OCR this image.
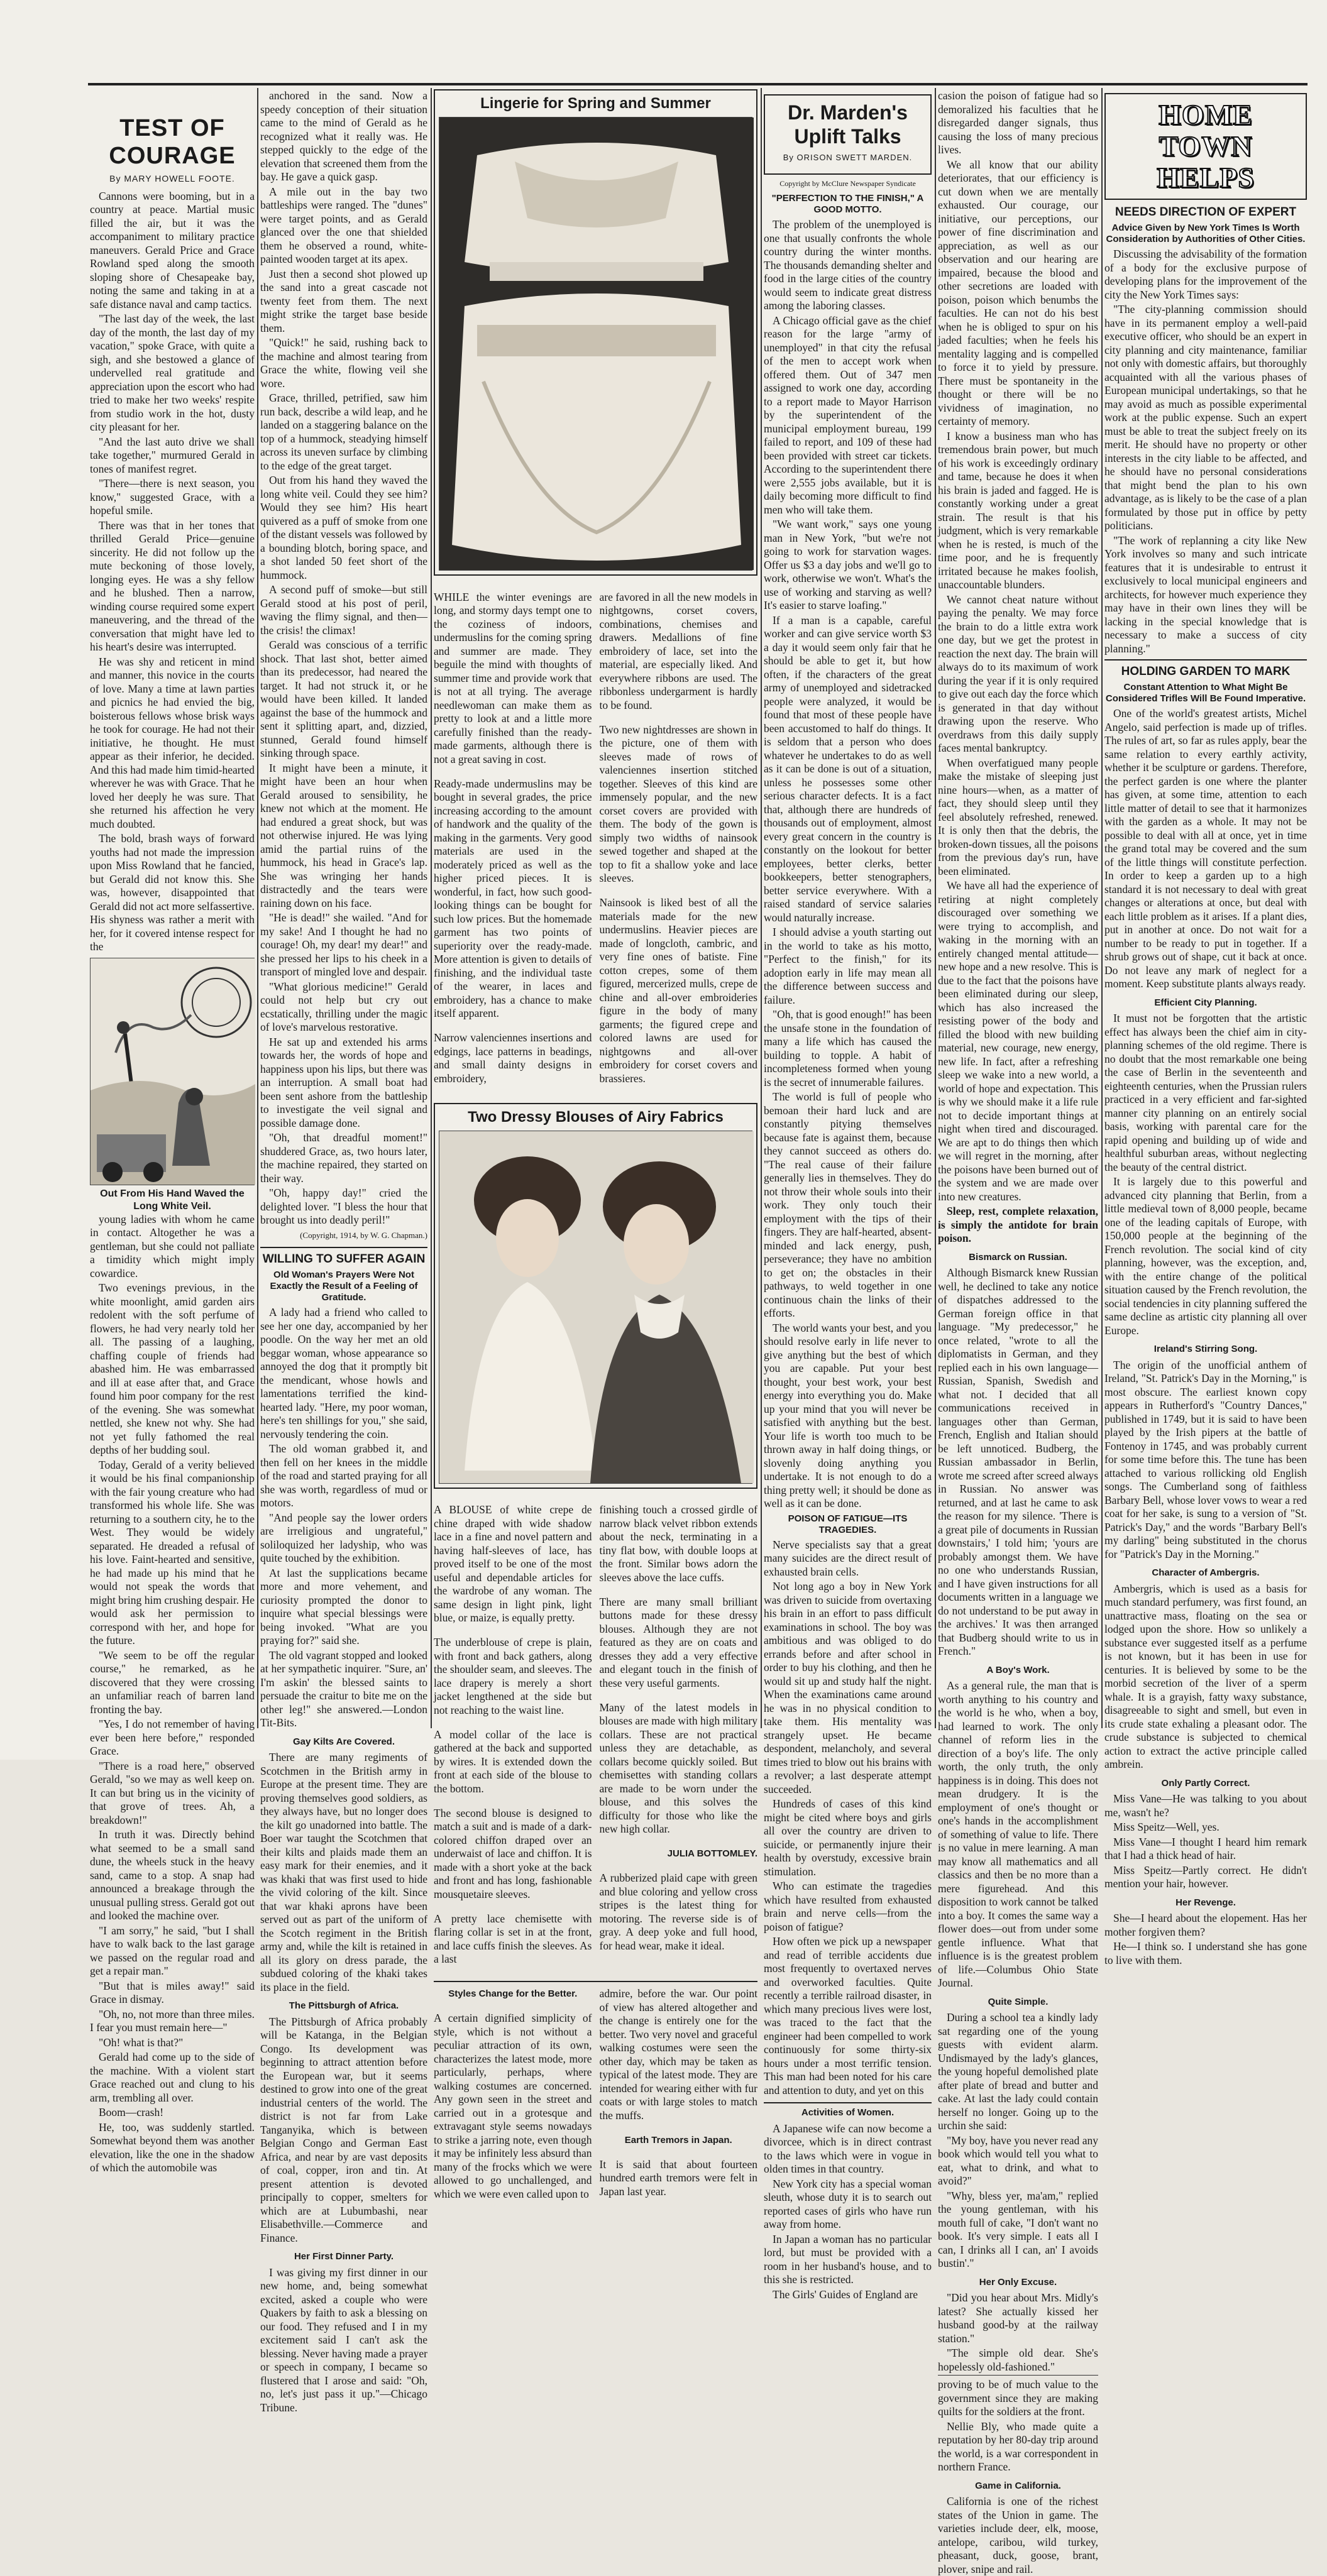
TEST OF COURAGE
By MARY HOWELL FOOTE.

Cannons were booming, but in a country at peace. Martial music filled the air, but it was the accompaniment to military practice maneuvers. Gerald Price and Grace Rowland sped along the smooth sloping shore of Chesapeake bay, noting the same and taking in at a safe distance naval and camp tactics.

"The last day of the week, the last day of the month, the last day of my vacation," spoke Grace, with quite a sigh, and she bestowed a glance of undervelled real gratitude and appreciation upon the escort who had tried to make her two weeks' respite from studio work in the hot, dusty city pleasant for her.

"And the last auto drive we shall take together," murmured Gerald in tones of manifest regret.

"There—there is next season, you know," suggested Grace, with a hopeful smile.

There was that in her tones that thrilled Gerald Price—genuine sincerity. He did not follow up the mute beckoning of those lovely, longing eyes. He was a shy fellow and he blushed. Then a narrow, winding course required some expert maneuvering, and the thread of the conversation that might have led to his heart's desire was interrupted.

He was shy and reticent in mind and manner, this novice in the courts of love. Many a time at lawn parties and picnics he had envied the big, boisterous fellows whose brisk ways he took for courage. He had not their initiative, he thought. He must appear as their inferior, he decided. And this had made him timid-hearted wherever he was with Grace. That he loved her deeply he was sure. That she returned his affection he very much doubted.

The bold, brash ways of forward youths had not made the impression upon Miss Rowland that he fancied, but Gerald did not know this. She was, however, disappointed that Gerald did not act more selfassertive. His shyness was rather a merit with her, for it covered intense respect for the

Out From His Hand Waved the Long White Veil.

young ladies with whom he came in contact. Altogether he was a gentleman, but she could not palliate a timidity which might imply cowardice.

Two evenings previous, in the white moonlight, amid garden airs redolent with the soft perfume of flowers, he had very nearly told her all. The passing of a laughing, chaffing couple of friends had abashed him. He was embarrassed and ill at ease after that, and Grace found him poor company for the rest of the evening. She was somewhat nettled, she knew not why. She had not yet fully fathomed the real depths of her budding soul.

Today, Gerald of a verity believed it would be his final companionship with the fair young creature who had transformed his whole life. She was returning to a southern city, he to the West. They would be widely separated. He dreaded a refusal of his love. Faint-hearted and sensitive, he had made up his mind that he would not speak the words that might bring him crushing despair. He would ask her permission to correspond with her, and hope for the future.

"We seem to be off the regular course," he remarked, as he discovered that they were crossing an unfamiliar reach of barren land fronting the bay.

"Yes, I do not remember of having ever been here before," responded Grace.

"There is a road here," observed Gerald, "so we may as well keep on. It can but bring us in the vicinity of that grove of trees. Ah, a breakdown!"

In truth it was. Directly behind what seemed to be a small sand dune, the wheels stuck in the heavy sand, came to a stop. A snap had announced a breakage through the unusual pulling stress. Gerald got out and looked the machine over.

"I am sorry," he said, "but I shall have to walk back to the last garage we passed on the regular road and get a repair man."

"But that is miles away!" said Grace in dismay.

"Oh, no, not more than three miles. I fear you must remain here—"

"Oh! what is that?"

Gerald had come up to the side of the machine. With a violent start Grace reached out and clung to his arm, trembling all over.

Boom—crash!

He, too, was suddenly startled. Somewhat beyond them was another elevation, like the one in the shadow of which the automobile was

anchored in the sand. Now a speedy conception of their situation came to the mind of Gerald as he recognized what it really was. He stepped quickly to the edge of the elevation that screened them from the bay. He gave a quick gasp.

A mile out in the bay two battleships were ranged. The "dunes" were target points, and as Gerald glanced over the one that shielded them he observed a round, white-painted wooden target at its apex.

Just then a second shot plowed up the sand into a great cascade not twenty feet from them. The next might strike the target base beside them.

"Quick!" he said, rushing back to the machine and almost tearing from Grace the white, flowing veil she wore.

Grace, thrilled, petrified, saw him run back, describe a wild leap, and he landed on a staggering balance on the top of a hummock, steadying himself across its uneven surface by climbing to the edge of the great target.

Out from his hand they waved the long white veil. Could they see him? Would they see him? His heart quivered as a puff of smoke from one of the distant vessels was followed by a bounding blotch, boring space, and a shot landed 50 feet short of the hummock.

A second puff of smoke—but still Gerald stood at his post of peril, waving the flimy signal, and then—the crisis! the climax!

Gerald was conscious of a terrific shock. That last shot, better aimed than its predecessor, had neared the target. It had not struck it, or he would have been killed. It landed against the base of the hummock and sent it splitting apart, and, dizzied, stunned, Gerald found himself sinking through space.

It might have been a minute, it might have been an hour when Gerald aroused to sensibility, he knew not which at the moment. He had endured a great shock, but was not otherwise injured. He was lying amid the partial ruins of the hummock, his head in Grace's lap. She was wringing her hands distractedly and the tears were raining down on his face.

"He is dead!" she wailed. "And for my sake! And I thought he had no courage! Oh, my dear! my dear!" and she pressed her lips to his cheek in a transport of mingled love and despair.

"What glorious medicine!" Gerald could not help but cry out ecstatically, thrilling under the magic of love's marvelous restorative.

He sat up and extended his arms towards her, the words of hope and happiness upon his lips, but there was an interruption. A small boat had been sent ashore from the battleship to investigate the veil signal and possible damage done.

"Oh, that dreadful moment!" shuddered Grace, as, two hours later, the machine repaired, they started on their way.

"Oh, happy day!" cried the delighted lover. "I bless the hour that brought us into deadly peril!"

(Copyright, 1914, by W. G. Chapman.)
WILLING TO SUFFER AGAIN
Old Woman's Prayers Were Not Exactly the Result of a Feeling of Gratitude.

A lady had a friend who called to see her one day, accompanied by her poodle. On the way her met an old beggar woman, whose appearance so annoyed the dog that it promptly bit the mendicant, whose howls and lamentations terrified the kind-hearted lady. "Here, my poor woman, here's ten shillings for you," she said, nervously tendering the coin.

The old woman grabbed it, and then fell on her knees in the middle of the road and started praying for all she was worth, regardless of mud or motors.

"And people say the lower orders are irreligious and ungrateful," soliloquized her ladyship, who was quite touched by the exhibition.

At last the supplications became more and more vehement, and curiosity prompted the donor to inquire what special blessings were being invoked. "What are you praying for?" said she.

The old vagrant stopped and looked at her sympathetic inquirer. "Sure, an' I'm askin' the blessed saints to persuade the craitur to bite me on the other leg!" she answered.—London Tit-Bits.

Gay Kilts Are Covered.

There are many regiments of Scotchmen in the British army in Europe at the present time. They are proving themselves good soldiers, as they always have, but no longer does the kilt go unadorned into battle. The Boer war taught the Scotchmen that their kilts and plaids made them an easy mark for their enemies, and it was khaki that was first used to hide the vivid coloring of the kilt. Since that war khaki aprons have been served out as part of the uniform of the Scotch regiment in the British army and, while the kilt is retained in all its glory on dress parade, the subdued coloring of the khaki takes its place in the field.

The Pittsburgh of Africa.

The Pittsburgh of Africa probably will be Katanga, in the Belgian Congo. Its development was beginning to attract attention before the European war, but it seems destined to grow into one of the great industrial centers of the world. The district is not far from Lake Tanganyika, which is between Belgian Congo and German East Africa, and near by are vast deposits of coal, copper, iron and tin. At present attention is devoted principally to copper, smelters for which are at Lubumbashi, near Elisabethville.—Commerce and Finance.

Her First Dinner Party.

I was giving my first dinner in our new home, and, being somewhat excited, asked a couple who were Quakers by faith to ask a blessing on our food. They refused and I in my excitement said I can't ask the blessing. Never having made a prayer or speech in company, I became so flustered that I arose and said: "Oh, no, let's just pass it up."—Chicago Tribune.

Lingerie for Spring and Summer

WHILE the winter evenings are long, and stormy days tempt one to the coziness of indoors, undermuslins for the coming spring and summer are made. They beguile the mind with thoughts of summer time and provide work that is not at all trying. The average needlewoman can make them as pretty to look at and a little more carefully finished than the ready-made garments, although there is not a great saving in cost.

Ready-made undermuslins may be bought in several grades, the price increasing according to the amount of handwork and the quality of the making in the garments. Very good materials are used in the moderately priced as well as the higher priced pieces. It is wonderful, in fact, how such good-looking things can be bought for such low prices. But the homemade garment has two points of superiority over the ready-made. More attention is given to details of finishing, and the individual taste of the wearer, in laces and embroidery, has a chance to make itself apparent.

Narrow valenciennes insertions and edgings, lace patterns in beadings, and small dainty designs in embroidery,

are favored in all the new models in nightgowns, corset covers, combinations, chemises and drawers. Medallions of fine embroidery of lace, set into the material, are especially liked. And everywhere ribbons are used. The ribbonless undergarment is hardly to be found.

Two new nightdresses are shown in the picture, one of them with sleeves made of rows of valenciennes insertion stitched together. Sleeves of this kind are immensely popular, and the new corset covers are provided with them. The body of the gown is simply two widths of nainsook sewed together and shaped at the top to fit a shallow yoke and lace sleeves.

Nainsook is liked best of all the materials made for the new undermuslins. Heavier pieces are made of longcloth, cambric, and very fine ones of batiste. Fine cotton crepes, some of them figured, mercerized mulls, crepe de chine and all-over embroideries figure in the body of many garments; the figured crepe and colored lawns are used for nightgowns and all-over embroidery for corset covers and brassieres.

Two Dressy Blouses of Airy Fabrics

A BLOUSE of white crepe de chine draped with wide shadow lace in a fine and novel pattern and having half-sleeves of lace, has proved itself to be one of the most useful and dependable articles for the wardrobe of any woman. The same design in light pink, light blue, or maize, is equally pretty.

The underblouse of crepe is plain, with front and back gathers, along the shoulder seam, and sleeves. The lace drapery is merely a short jacket lengthened at the side but not reaching to the waist line.

A model collar of the lace is gathered at the back and supported by wires. It is extended down the front at each side of the blouse to the bottom.

The second blouse is designed to match a suit and is made of a dark-colored chiffon draped over an underwaist of lace and chiffon. It is made with a short yoke at the back and front and has long, fashionable mousquetaire sleeves.

A pretty lace chemisette with flaring collar is set in at the front, and lace cuffs finish the sleeves. As a last

finishing touch a crossed girdle of narrow black velvet ribbon extends about the neck, terminating in a tiny flat bow, with double loops at the front. Similar bows adorn the sleeves above the lace cuffs.

There are many small brilliant buttons made for these dressy blouses. Although they are not featured as they are on coats and dresses they add a very effective and elegant touch in the finish of these very useful garments.

Many of the latest models in blouses are made with high military collars. These are not practical unless they are detachable, as collars become quickly soiled. But chemisettes with standing collars are made to be worn under the blouse, and this solves the difficulty for those who like the new high collar.

JULIA BOTTOMLEY.

A rubberized plaid cape with green and blue coloring and yellow cross stripes is the latest thing for motoring. The reverse side is of gray. A deep yoke and full hood, for head wear, make it ideal.

Styles Change for the Better.

A certain dignified simplicity of style, which is not without a peculiar attraction of its own, characterizes the latest mode, more particularly, perhaps, where walking costumes are concerned. Any gown seen in the street and carried out in a grotesque and extravagant style seems nowadays to strike a jarring note, even though it may be infinitely less absurd than many of the frocks which we were allowed to go unchallenged, and which we were even called upon to

admire, before the war. Our point of view has altered altogether and the change is entirely one for the better. Two very novel and graceful walking costumes were seen the other day, which may be taken as typical of the latest mode. They are intended for wearing either with fur coats or with large stoles to match the muffs.

Earth Tremors in Japan.

It is said that about fourteen hundred earth tremors were felt in Japan last year.

Dr. Marden's Uplift Talks
By ORISON SWETT MARDEN.
Copyright by McClure Newspaper Syndicate
"PERFECTION TO THE FINISH," A GOOD MOTTO.

The problem of the unemployed is one that usually confronts the whole country during the winter months. The thousands demanding shelter and food in the large cities of the country would seem to indicate great distress among the laboring classes.

A Chicago official gave as the chief reason for the large "army of unemployed" in that city the refusal of the men to accept work when offered them. Out of 347 men assigned to work one day, according to a report made to Mayor Harrison by the superintendent of the municipal employment bureau, 199 failed to report, and 109 of these had been provided with street car tickets. According to the superintendent there were 2,555 jobs available, but it is daily becoming more difficult to find men who will take them.

"We want work," says one young man in New York, "but we're not going to work for starvation wages. Offer us $3 a day jobs and we'll go to work, otherwise we won't. What's the use of working and starving as well? It's easier to starve loafing."

If a man is a capable, careful worker and can give service worth $3 a day it would seem only fair that he should be able to get it, but how often, if the characters of the great army of unemployed and sidetracked people were analyzed, it would be found that most of these people have been accustomed to half do things. It is seldom that a person who does whatever he undertakes to do as well as it can be done is out of a situation, unless he possesses some other serious character defects. It is a fact that, although there are hundreds of thousands out of employment, almost every great concern in the country is constantly on the lookout for better employees, better clerks, better bookkeepers, better stenographers, better service everywhere. With a raised standard of service salaries would naturally increase.

I should advise a youth starting out in the world to take as his motto, "Perfect to the finish," for its adoption early in life may mean all the difference between success and failure.

"Oh, that is good enough!" has been the unsafe stone in the foundation of many a life which has caused the building to topple. A habit of incompleteness formed when young is the secret of innumerable failures.

The world is full of people who bemoan their hard luck and are constantly pitying themselves because fate is against them, because they cannot succeed as others do. "The real cause of their failure generally lies in themselves. They do not throw their whole souls into their work. They only touch their employment with the tips of their fingers. They are half-hearted, absent-minded and lack energy, push, perseverance; they have no ambition to get on; the obstacles in their pathways, to weld together in one continuous chain the links of their efforts.

The world wants your best, and you should resolve early in life never to give anything but the best of which you are capable. Put your best thought, your best work, your best energy into everything you do. Make up your mind that you will never be satisfied with anything but the best. Your life is worth too much to be thrown away in half doing things, or slovenly doing anything you undertake. It is not enough to do a thing pretty well; it should be done as well as it can be done.

POISON OF FATIGUE—ITS TRAGEDIES.

Nerve specialists say that a great many suicides are the direct result of exhausted brain cells.

Not long ago a boy in New York was driven to suicide from overtaxing his brain in an effort to pass difficult examinations in school. The boy was ambitious and was obliged to do errands before and after school in order to buy his clothing, and then he would sit up and study half the night. When the examinations came around he was in no physical condition to take them. His mentality was strangely upset. He became despondent, melancholy, and several times tried to blow out his brains with a revolver; a last desperate attempt succeeded.

Hundreds of cases of this kind might be cited where boys and girls all over the country are driven to suicide, or permanently injure their health by overstudy, excessive brain stimulation.

Who can estimate the tragedies which have resulted from exhausted brain and nerve cells—from the poison of fatigue?

How often we pick up a newspaper and read of terrible accidents due most frequently to overtaxed nerves and overworked faculties. Quite recently a terrible railroad disaster, in which many precious lives were lost, was traced to the fact that the engineer had been compelled to work continuously for some thirty-six hours under a most terrific tension. This man had been noted for his care and attention to duty, and yet on this

Activities of Women.

A Japanese wife can now become a divorcee, which is in direct contrast to the laws which were in vogue in olden times in that country.

New York city has a special woman sleuth, whose duty it is to search out reported cases of girls who have run away from home.

In Japan a woman has no particular lord, but must be provided with a room in her husband's house, and to this she is restricted.

The Girls' Guides of England are

casion the poison of fatigue had so demoralized his faculties that he disregarded danger signals, thus causing the loss of many precious lives.

We all know that our ability deteriorates, that our efficiency is cut down when we are mentally exhausted. Our courage, our initiative, our perceptions, our power of fine discrimination and appreciation, as well as our observation and our hearing are impaired, because the blood and other secretions are loaded with poison, poison which benumbs the faculties. He can not do his best when he is obliged to spur on his jaded faculties; when he feels his mentality lagging and is compelled to force it to yield by pressure. There must be spontaneity in the thought or there will be no vividness of imagination, no certainty of memory.

I know a business man who has tremendous brain power, but much of his work is exceedingly ordinary and tame, because he does it when his brain is jaded and fagged. He is constantly working under a great strain. The result is that his judgment, which is very remarkable when he is rested, is much of the time poor, and he is frequently irritated because he makes foolish, unaccountable blunders.

We cannot cheat nature without paying the penalty. We may force the brain to do a little extra work one day, but we get the protest in reaction the next day. The brain will always do to its maximum of work during the year if it is only required to give out each day the force which is generated in that day without drawing upon the reserve. Who overdraws from this daily supply faces mental bankruptcy.

When overfatigued many people make the mistake of sleeping just nine hours—when, as a matter of fact, they should sleep until they feel absolutely refreshed, renewed. It is only then that the debris, the broken-down tissues, all the poisons from the previous day's run, have been eliminated.

We have all had the experience of retiring at night completely discouraged over something we were trying to accomplish, and waking in the morning with an entirely changed mental attitude—new hope and a new resolve. This is due to the fact that the poisons have been eliminated during our sleep, which has also increased the resisting power of the body and filled the blood with new building material, new courage, new energy, new life. In fact, after a refreshing sleep we wake into a new world, a world of hope and expectation. This is why we should make it a life rule not to decide important things at night when tired and discouraged. We are apt to do things then which we will regret in the morning, after the poisons have been burned out of the system and we are made over into new creatures.

Sleep, rest, complete relaxation, is simply the antidote for brain poison.

Bismarck on Russian.

Although Bismarck knew Russian well, he declined to take any notice of dispatches addressed to the German foreign office in that language. "My predecessor," he once related, "wrote to all the diplomatists in German, and they replied each in his own language—Russian, Spanish, Swedish and what not. I decided that all communications received in languages other than German, French, English and Italian should be left unnoticed. Budberg, the Russian ambassador in Berlin, wrote me screed after screed always in Russian. No answer was returned, and at last he came to ask the reason for my silence. 'There is a great pile of documents in Russian downstairs,' I told him; 'yours are probably amongst them. We have no one who understands Russian, and I have given instructions for all documents written in a language we do not understand to be put away in the archives.' It was then arranged that Budberg should write to us in French."

A Boy's Work.

As a general rule, the man that is worth anything to his country and the world is he who, when a boy, had learned to work. The only channel of reform lies in the direction of a boy's life. The only worth, the only truth, the only happiness is in doing. This does not mean drudgery. It is the employment of one's thought or one's hands in the accomplishment of something of value to life. There is no value in mere learning. A man may know all mathematics and all classics and then be no more than a mere figurehead. And this disposition to work cannot be talked into a boy. It comes the same way a flower does—out from under some gentle influence. What that influence is is the greatest problem of life.—Columbus Ohio State Journal.

Quite Simple.

During a school tea a kindly lady sat regarding one of the young guests with evident alarm. Undismayed by the lady's glances, the young hopeful demolished plate after plate of bread and butter and cake. At last the lady could contain herself no longer. Going up to the urchin she said:

"My boy, have you never read any book which would tell you what to eat, what to drink, and what to avoid?"

"Why, bless yer, ma'am," replied the young gentleman, with his mouth full of cake, "I don't want no book. It's very simple. I eats all I can, I drinks all I can, an' I avoids bustin'."

Her Only Excuse.

"Did you hear about Mrs. Midly's latest? She actually kissed her husband good-by at the railway station."

"The simple old dear. She's hopelessly old-fashioned."

proving to be of much value to the government since they are making quilts for the soldiers at the front.

Nellie Bly, who made quite a reputation by her 80-day trip around the world, is a war correspondent in northern France.

Game in California.

California is one of the richest states of the Union in game. The varieties include deer, elk, moose, antelope, caribou, wild turkey, pheasant, duck, goose, brant, plover, snipe and rail.

HOME TOWN HELPS
NEEDS DIRECTION OF EXPERT
Advice Given by New York Times Is Worth Consideration by Authorities of Other Cities.

Discussing the advisability of the formation of a body for the exclusive purpose of developing plans for the improvement of the city the New York Times says:

"The city-planning commission should have in its permanent employ a well-paid executive officer, who should be an expert in city planning and city maintenance, familiar not only with domestic affairs, but thoroughly acquainted with all the various phases of European municipal undertakings, so that he may avoid as much as possible experimental work at the public expense. Such an expert must be able to treat the subject freely on its merit. He should have no property or other interests in the city liable to be affected, and he should have no personal considerations that might bend the plan to his own advantage, as is likely to be the case of a plan formulated by those put in office by petty politicians.

"The work of replanning a city like New York involves so many and such intricate features that it is undesirable to entrust it exclusively to local municipal engineers and architects, for however much experience they may have in their own lines they will be lacking in the special knowledge that is necessary to make a success of city planning."

HOLDING GARDEN TO MARK
Constant Attention to What Might Be Considered Trifles Will Be Found Imperative.

One of the world's greatest artists, Michel Angelo, said perfection is made up of trifles. The rules of art, so far as rules apply, bear the same relation to every earthly activity, whether it be sculpture or gardens. Therefore, the perfect garden is one where the planter has given, at some time, attention to each little matter of detail to see that it harmonizes with the garden as a whole. It may not be possible to deal with all at once, yet in time the grand total may be covered and the sum of the little things will constitute perfection. In order to keep a garden up to a high standard it is not necessary to deal with great changes or alterations at once, but deal with each little problem as it arises. If a plant dies, put in another at once. Do not wait for a number to be ready to put in together. If a shrub grows out of shape, cut it back at once. Do not leave any mark of neglect for a moment. Keep substitute plants always ready.

Efficient City Planning.

It must not be forgotten that the artistic effect has always been the chief aim in city-planning schemes of the old regime. There is no doubt that the most remarkable one being the case of Berlin in the seventeenth and eighteenth centuries, when the Prussian rulers practiced in a very efficient and far-sighted manner city planning on an entirely social basis, working with parental care for the rapid opening and building up of wide and healthful suburban areas, without neglecting the beauty of the central district.

It is largely due to this powerful and advanced city planning that Berlin, from a little medieval town of 8,000 people, became one of the leading capitals of Europe, with 150,000 people at the beginning of the French revolution. The social kind of city planning, however, was the exception, and, with the entire change of the political situation caused by the French revolution, the social tendencies in city planning suffered the same decline as artistic city planning all over Europe.

Ireland's Stirring Song.

The origin of the unofficial anthem of Ireland, "St. Patrick's Day in the Morning," is most obscure. The earliest known copy appears in Rutherford's "Country Dances," published in 1749, but it is said to have been played by the Irish pipers at the battle of Fontenoy in 1745, and was probably current for some time before this. The tune has been attached to various rollicking old English songs. The Cumberland song of faithless Barbary Bell, whose lover vows to wear a red coat for her sake, is sung to a version of "St. Patrick's Day," and the words "Barbary Bell's my darling" being substituted in the chorus for "Patrick's Day in the Morning."

Character of Ambergris.

Ambergris, which is used as a basis for much standard perfumery, was first found, an unattractive mass, floating on the sea or lodged upon the shore. How so unlikely a substance ever suggested itself as a perfume is not known, but it has been in use for centuries. It is believed by some to be the morbid secretion of the liver of a sperm whale. It is a grayish, fatty waxy substance, disagreeable to sight and smell, but even in its crude state exhaling a pleasant odor. The crude substance is subjected to chemical action to extract the active principle called ambrein.

Only Partly Correct.

Miss Vane—He was talking to you about me, wasn't he?

Miss Speitz—Well, yes.

Miss Vane—I thought I heard him remark that I had a thick head of hair.

Miss Speitz—Partly correct. He didn't mention your hair, however.

Her Revenge.

She—I heard about the elopement. Has her mother forgiven them?

He—I think so. I understand she has gone to live with them.
